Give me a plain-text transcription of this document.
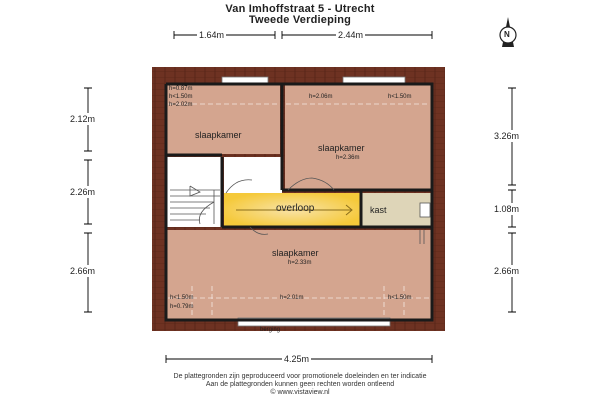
Van Imhoffstraat 5 - Utrecht
Tweede Verdieping
1.64m	2.44m
2.12m
2.26m
2.66m
3.26m
1.08m
2.66m
4.25m
N
slaapkamer
slaapkamer
h=2.36m
slaapkamer
h=2.33m
overloop	kast
berging
h=0.87m
h<1.50m
h=2.02m
h=2.06m	h<1.50m
h<1.50m
h=0.79m
h=2.01m	h<1.50m
De plattegronden zijn geproduceerd voor promotionele doeleinden en ter indicatie
Aan de plattegronden kunnen geen rechten worden ontleend
© www.vistaview.nl
